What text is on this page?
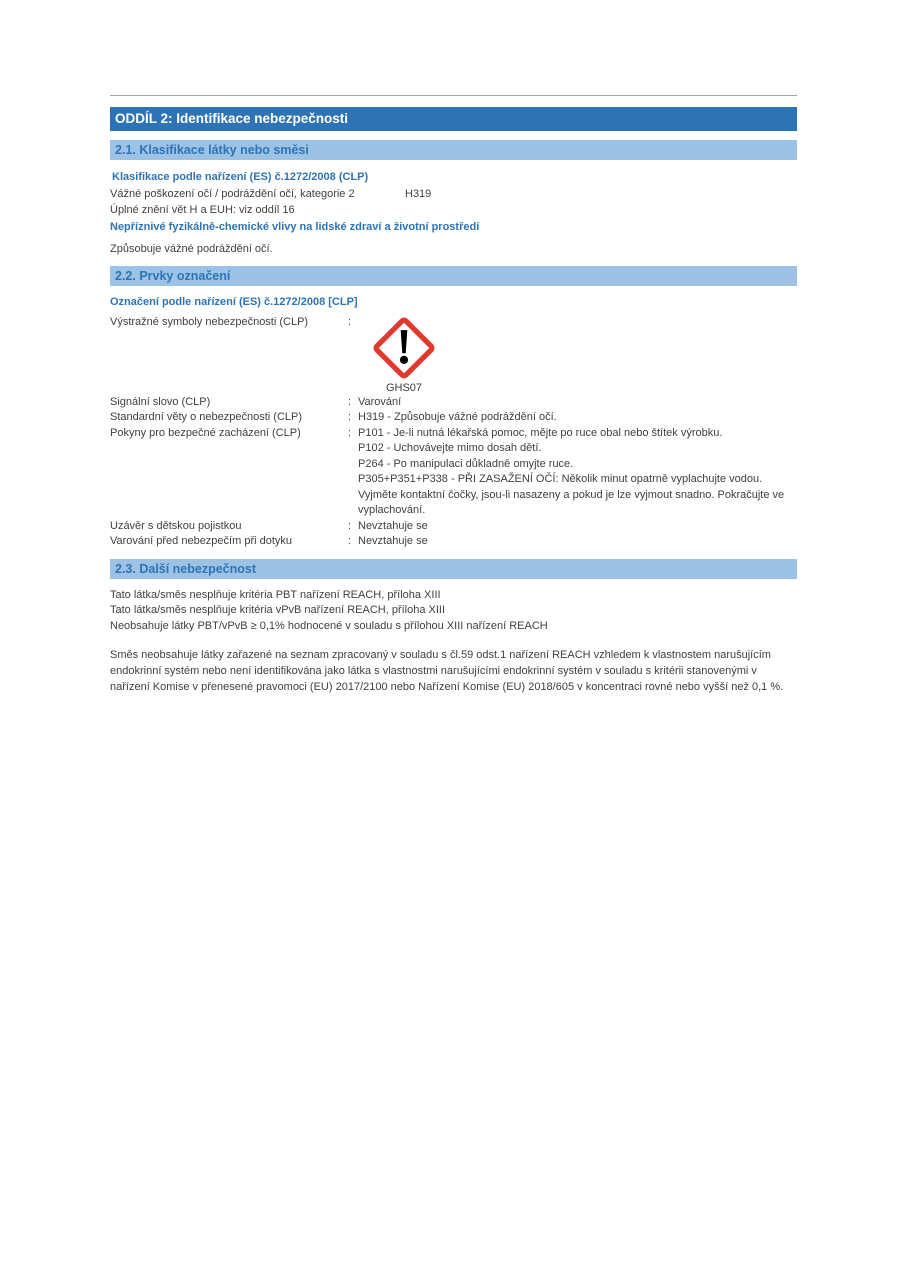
ODDÍL 2: Identifikace nebezpečnosti
2.1. Klasifikace látky nebo směsi
Klasifikace podle nařízení (ES) č.1272/2008 (CLP)
Vážné poškození očí / podráždění očí, kategorie 2	H319
Úplné znění vět H a EUH: viz oddíl 16
Nepříznivé fyzikálně-chemické vlivy na lidské zdraví a životní prostředí
Způsobuje vážné podráždění očí.
2.2. Prvky označení
Označení podle nařízení (ES) č.1272/2008 [CLP]
Výstražné symboly nebezpečnosti (CLP)	:
GHS07
Signální slovo (CLP)	: Varování
Standardní věty o nebezpečnosti (CLP)	: H319 - Způsobuje vážné podráždění očí.
Pokyny pro bezpečné zacházení (CLP)	: P101 - Je-li nutná lékařská pomoc, mějte po ruce obal nebo štítek výrobku.
P102 - Uchovávejte mimo dosah dětí.
P264 - Po manipulaci důkladně omyjte ruce.
P305+P351+P338 - PŘI ZASAŽENÍ OČÍ: Několik minut opatrně vyplachujte vodou. Vyjměte kontaktní čočky, jsou-li nasazeny a pokud je lze vyjmout snadno. Pokračujte ve vyplachování.
Uzávěr s dětskou pojistkou	: Nevztahuje se
Varování před nebezpečím při dotyku	: Nevztahuje se
2.3. Další nebezpečnost
Tato látka/směs nesplňuje kritéria PBT nařízení REACH, příloha XIII
Tato látka/směs nesplňuje kritéria vPvB nařízení REACH, příloha XIII
Neobsahuje látky PBT/vPvB ≥ 0,1% hodnocené v souladu s přílohou XIII nařízení REACH
Směs neobsahuje látky zařazené na seznam zpracovaný v souladu s čl.59 odst.1 nařízení REACH vzhledem k vlastnostem narušujícím endokrinní systém nebo není identifikována jako látka s vlastnostmi narušujícími endokrinní systém v souladu s kritérii stanovenými v nařízení Komise v přenesené pravomoci (EU) 2017/2100 nebo Nařízení Komise (EU) 2018/605 v koncentraci rovné nebo vyšší než 0,1 %.
